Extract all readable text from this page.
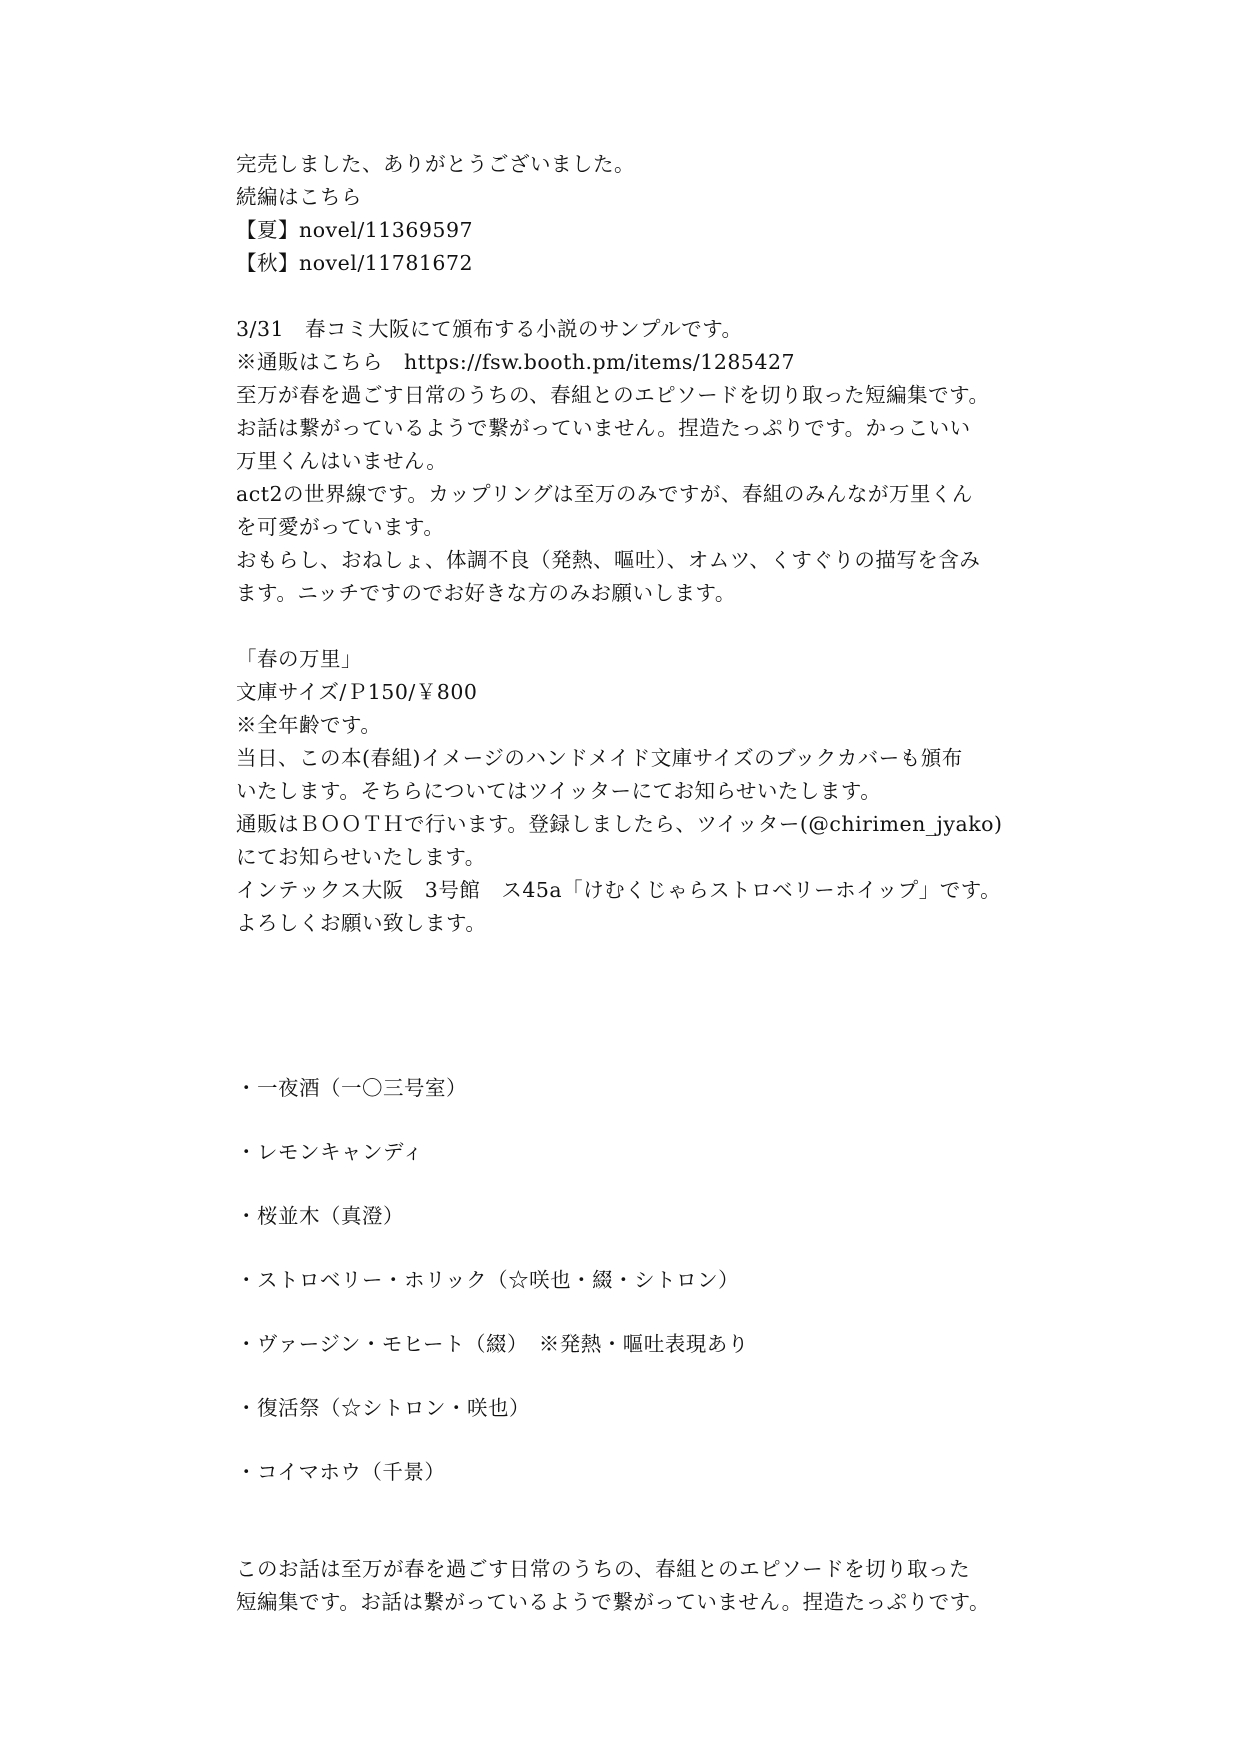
完売しました、ありがとうございました。
続編はこちら
【夏】novel/11369597
【秋】novel/11781672
3/31　春コミ大阪にて頒布する小説のサンプルです。
※通販はこちら　https://fsw.booth.pm/items/1285427
至万が春を過ごす日常のうちの、春組とのエピソードを切り取った短編集です。
お話は繋がっているようで繋がっていません。捏造たっぷりです。かっこいい
万里くんはいません。
act2の世界線です。カップリングは至万のみですが、春組のみんなが万里くん
を可愛がっています。
おもらし、おねしょ、体調不良（発熱、嘔吐）、オムツ、くすぐりの描写を含み
ます。ニッチですのでお好きな方のみお願いします。
「春の万里」
文庫サイズ/Ｐ150/￥800
※全年齢です。
当日、この本(春組)イメージのハンドメイド文庫サイズのブックカバーも頒布
いたします。そちらについてはツイッターにてお知らせいたします。
通販はＢＯＯＴＨで行います。登録しましたら、ツイッター(@chirimen_jyako)
にてお知らせいたします。
インテックス大阪　3号館　ス45a「けむくじゃらストロベリーホイップ」です。
よろしくお願い致します。
・一夜酒（一〇三号室）
・レモンキャンディ
・桜並木（真澄）
・ストロベリー・ホリック（☆咲也・綴・シトロン）
・ヴァージン・モヒート（綴）　※発熱・嘔吐表現あり
・復活祭（☆シトロン・咲也）
・コイマホウ（千景）
このお話は至万が春を過ごす日常のうちの、春組とのエピソードを切り取った
短編集です。お話は繋がっているようで繋がっていません。捏造たっぷりです。
